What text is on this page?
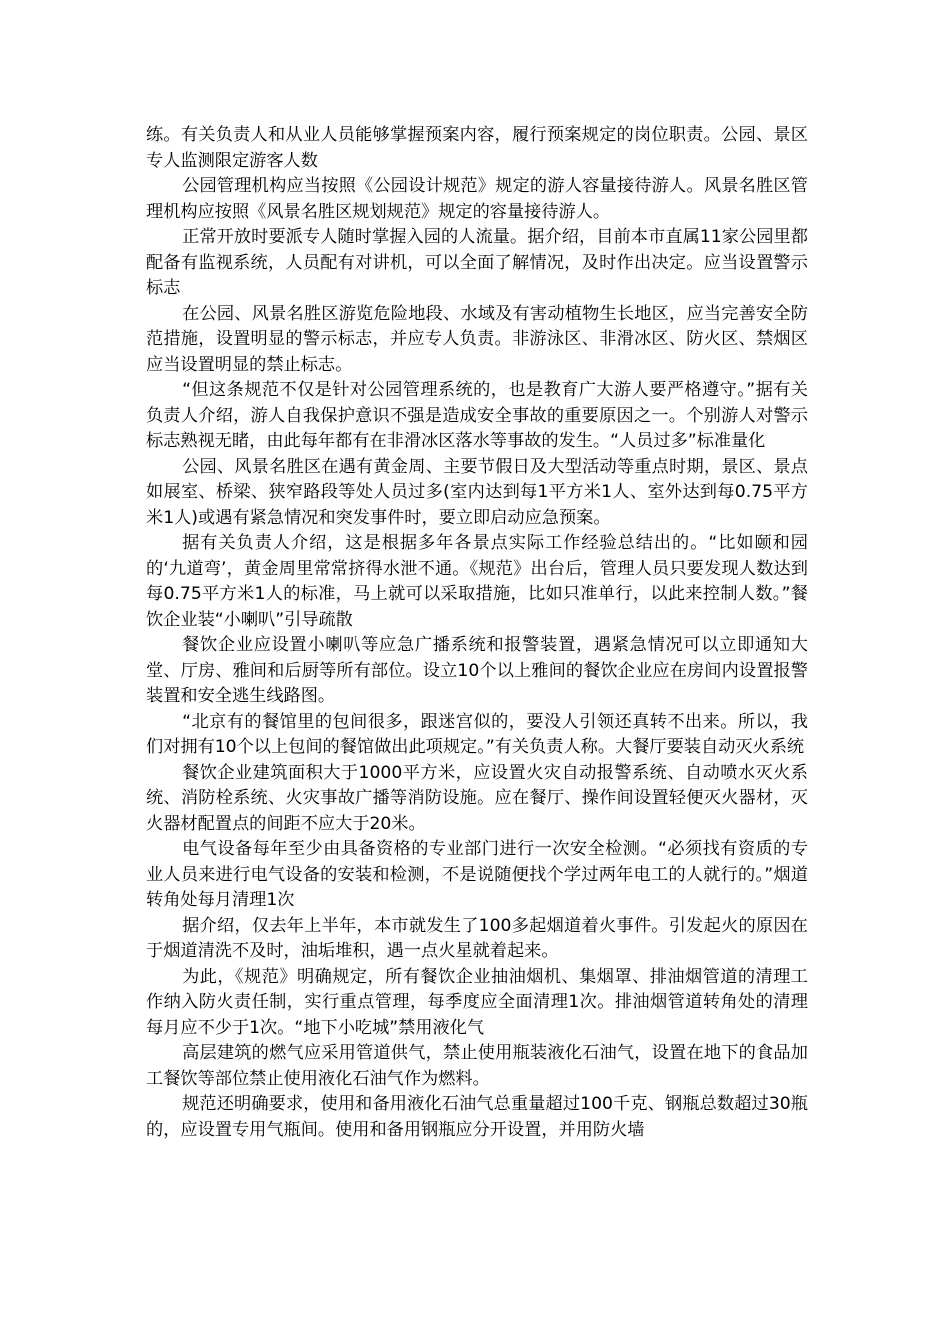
练。有关负责人和从业人员能够掌握预案内容，履行预案规定的岗位职责。公园、景区专人监测限定游客人数

公园管理机构应当按照《公园设计规范》规定的游人容量接待游人。风景名胜区管理机构应按照《风景名胜区规划规范》规定的容量接待游人。

正常开放时要派专人随时掌握入园的人流量。据介绍，目前本市直属11家公园里都配备有监视系统，人员配有对讲机，可以全面了解情况，及时作出决定。应当设置警示标志

在公园、风景名胜区游览危险地段、水域及有害动植物生长地区，应当完善安全防范措施，设置明显的警示标志，并应专人负责。非游泳区、非滑冰区、防火区、禁烟区应当设置明显的禁止标志。

“但这条规范不仅是针对公园管理系统的，也是教育广大游人要严格遵守。”据有关负责人介绍，游人自我保护意识不强是造成安全事故的重要原因之一。个别游人对警示标志熟视无睹，由此每年都有在非滑冰区落水等事故的发生。“人员过多”标准量化

公园、风景名胜区在遇有黄金周、主要节假日及大型活动等重点时期，景区、景点如展室、桥梁、狭窄路段等处人员过多(室内达到每1平方米1人、室外达到每0.75平方米1人)或遇有紧急情况和突发事件时，要立即启动应急预案。

据有关负责人介绍，这是根据多年各景点实际工作经验总结出的。“比如颐和园的‘九道弯’，黄金周里常常挤得水泄不通。《规范》出台后，管理人员只要发现人数达到每0.75平方米1人的标准，马上就可以采取措施，比如只准单行，以此来控制人数。”餐饮企业装“小喇叭”引导疏散

餐饮企业应设置小喇叭等应急广播系统和报警装置，遇紧急情况可以立即通知大堂、厅房、雅间和后厨等所有部位。设立10个以上雅间的餐饮企业应在房间内设置报警装置和安全逃生线路图。

“北京有的餐馆里的包间很多，跟迷宫似的，要没人引领还真转不出来。所以，我们对拥有10个以上包间的餐馆做出此项规定。”有关负责人称。大餐厅要装自动灭火系统

餐饮企业建筑面积大于1000平方米，应设置火灾自动报警系统、自动喷水灭火系统、消防栓系统、火灾事故广播等消防设施。应在餐厅、操作间设置轻便灭火器材，灭火器材配置点的间距不应大于20米。

电气设备每年至少由具备资格的专业部门进行一次安全检测。“必须找有资质的专业人员来进行电气设备的安装和检测，不是说随便找个学过两年电工的人就行的。”烟道转角处每月清理1次

据介绍，仅去年上半年，本市就发生了100多起烟道着火事件。引发起火的原因在于烟道清洗不及时，油垢堆积，遇一点火星就着起来。

为此，《规范》明确规定，所有餐饮企业抽油烟机、集烟罩、排油烟管道的清理工作纳入防火责任制，实行重点管理，每季度应全面清理1次。排油烟管道转角处的清理每月应不少于1次。“地下小吃城”禁用液化气

高层建筑的燃气应采用管道供气，禁止使用瓶装液化石油气，设置在地下的食品加工餐饮等部位禁止使用液化石油气作为燃料。

规范还明确要求，使用和备用液化石油气总重量超过100千克、钢瓶总数超过30瓶的，应设置专用气瓶间。使用和备用钢瓶应分开设置，并用防火墙
